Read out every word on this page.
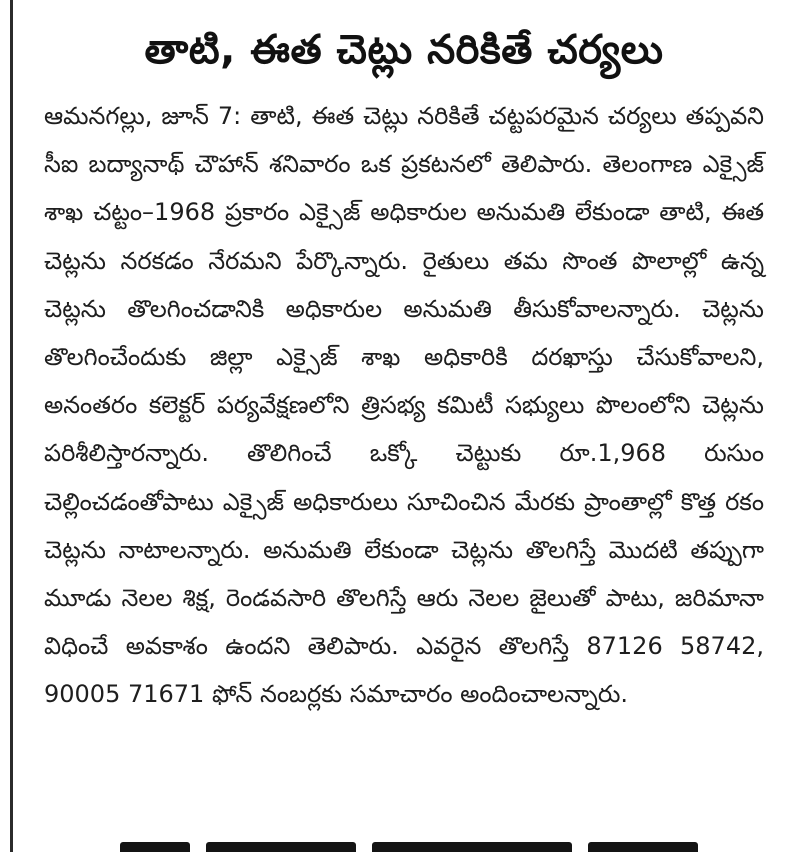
తాటి, ఈత చెట్లు నరికితే చర్యలు

ఆమనగల్లు, జూన్ 7: తాటి, ఈత చెట్లు నరికితే చట్టపరమైన చర్యలు తప్పవని సీఐ బద్యానాథ్ చౌహాన్ శనివారం ఒక ప్రకటనలో తెలిపారు. తెలంగాణ ఎక్సైజ్ శాఖ చట్టం–1968 ప్రకారం ఎక్సైజ్ అధికారుల అనుమతి లేకుండా తాటి, ఈత చెట్లను నరకడం నేరమని పేర్కొన్నారు. రైతులు తమ సొంత పొలాల్లో ఉన్న చెట్లను తొలగించడానికి అధికారుల అనుమతి తీసుకోవాలన్నారు. చెట్లను తొలగించేందుకు జిల్లా ఎక్సైజ్ శాఖ అధికారికి దరఖాస్తు చేసుకోవాలని, అనంతరం కలెక్టర్ పర్యవేక్షణలోని త్రిసభ్య కమిటీ సభ్యులు పొలంలోని చెట్లను పరిశీలిస్తారన్నారు. తొలిగించే ఒక్కో చెట్టుకు రూ.1,968 రుసుం చెల్లించడంతోపాటు ఎక్సైజ్ అధికారులు సూచించిన మేరకు ప్రాంతాల్లో కొత్త రకం చెట్లను నాటాలన్నారు. అనుమతి లేకుండా చెట్లను తొలగిస్తే మొదటి తప్పుగా మూడు నెలల శిక్ష, రెండవసారి తొలగిస్తే ఆరు నెలల జైలుతో పాటు, జరిమానా విధించే అవకాశం ఉందని తెలిపారు. ఎవరైన తొలగిస్తే 87126 58742, 90005 71671 ఫోన్ నంబర్లకు సమాచారం అందించాలన్నారు.
